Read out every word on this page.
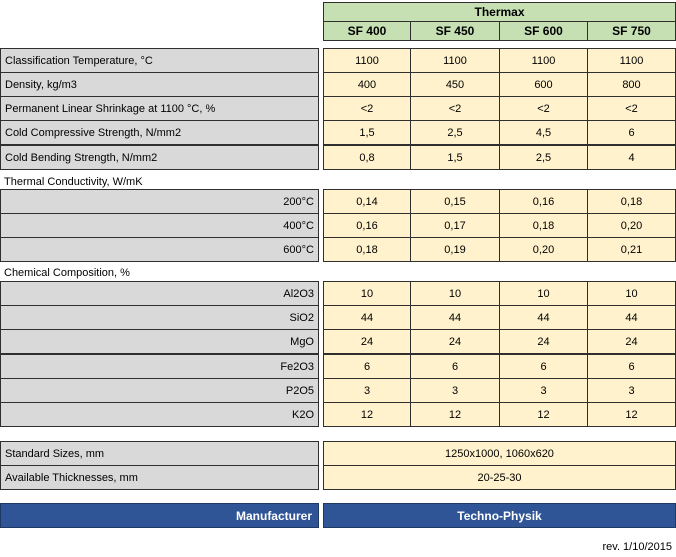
Thermax
SF 400	SF 450	SF 600	SF 750
Classification Temperature, °C	1100	1100	1100	1100
Density, kg/m3	400	450	600	800
Permanent Linear Shrinkage at 1100 °C, %	<2	<2	<2	<2
Cold Compressive Strength, N/mm2	1,5	2,5	4,5	6
Cold Bending Strength, N/mm2	0,8	1,5	2,5	4
Thermal Conductivity, W/mK
200°C	0,14	0,15	0,16	0,18
400°C	0,16	0,17	0,18	0,20
600°C	0,18	0,19	0,20	0,21
Chemical Composition, %
Al2O3	10	10	10	10
SiO2	44	44	44	44
MgO	24	24	24	24
Fe2O3	6	6	6	6
P2O5	3	3	3	3
K2O	12	12	12	12
Standard Sizes, mm	1250x1000, 1060x620
Available Thicknesses, mm	20-25-30
Manufacturer	Techno-Physik
rev. 1/10/2015
